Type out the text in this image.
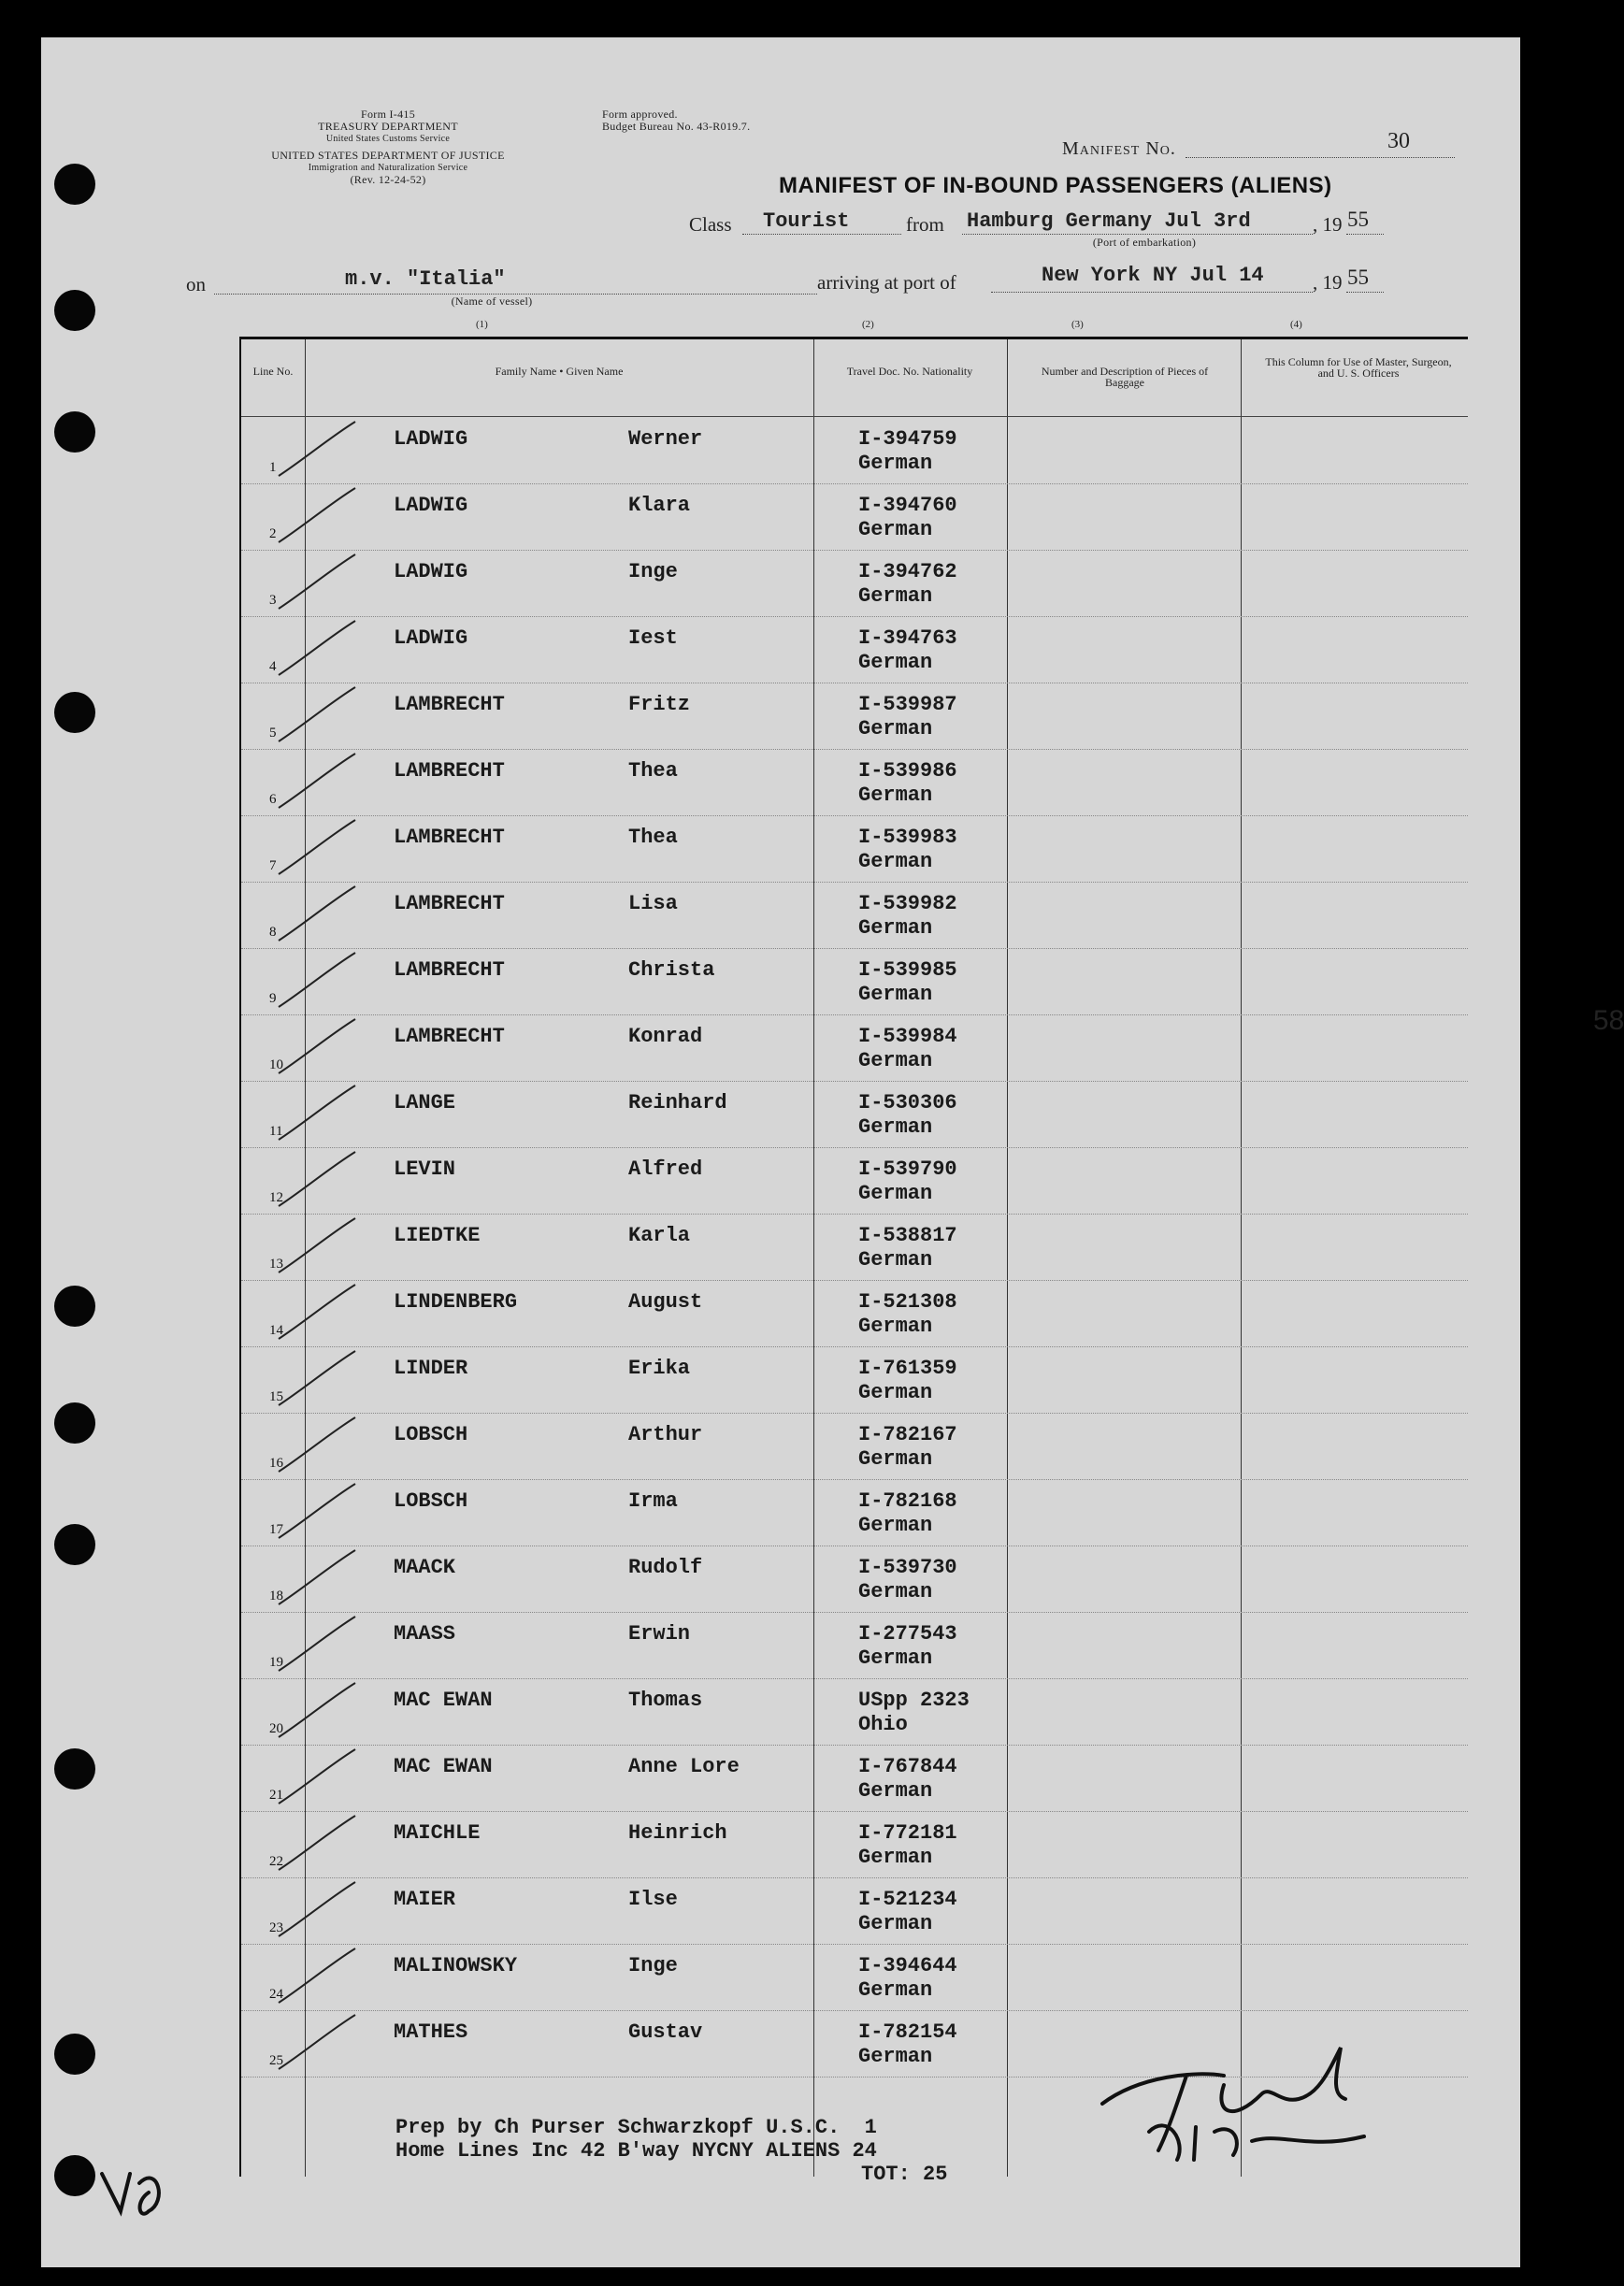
Form I-415
TREASURY DEPARTMENT
United States Customs Service
UNITED STATES DEPARTMENT OF JUSTICE
Immigration and Naturalization Service
(Rev. 12-24-52)
Form approved.
Budget Bureau No. 43-R019.7.
Manifest No.	30
MANIFEST OF IN-BOUND PASSENGERS (ALIENS)
Class Tourist	from Hamburg Germany Jul 3rd	, 19 55
(Port of embarkation)
on	m.v. "Italia"
(Name of vessel)
arriving at port of	New York NY Jul 14 , 19 55
(1)	(2)	(3)	(4)
Line No.	Family Name • Given Name	Travel Doc. No. Nationality	Number and Description of Pieces of Baggage
This Column for Use of Master, Surgeon, and U. S. Officers
1
LADWIG	Werner	I-394759
German
2
LADWIG	Klara	I-394760
German
3
LADWIG	Inge	I-394762
German
4
LADWIG	Iest	I-394763
German
5
LAMBRECHT	Fritz	I-539987
German
6
LAMBRECHT	Thea	I-539986
German
7
LAMBRECHT	Thea	I-539983
German
8
LAMBRECHT	Lisa	I-539982
German
9
LAMBRECHT	Christa	I-539985
German
10
LAMBRECHT	Konrad	I-539984
German
11
LANGE	Reinhard	I-530306
German
12
LEVIN	Alfred	I-539790
German
13
LIEDTKE	Karla	I-538817
German
14
LINDENBERG	August	I-521308
German
15
LINDER	Erika	I-761359
German
16
LOBSCH	Arthur	I-782167
German
17
LOBSCH	Irma	I-782168
German
18
MAACK	Rudolf	I-539730
German
19
MAASS	Erwin	I-277543
German
20
MAC EWAN	Thomas	USpp 2323
Ohio
21
MAC EWAN	Anne Lore	I-767844
German
22
MAICHLE	Heinrich	I-772181
German
23
MAIER	Ilse	I-521234
German
24
MALINOWSKY	Inge	I-394644
German
25
MATHES	Gustav	I-782154
German
58
Prep by Ch Purser Schwarzkopf U.S.C.  1
Home Lines Inc 42 B'way NYCNY ALIENS 24
TOT: 25
